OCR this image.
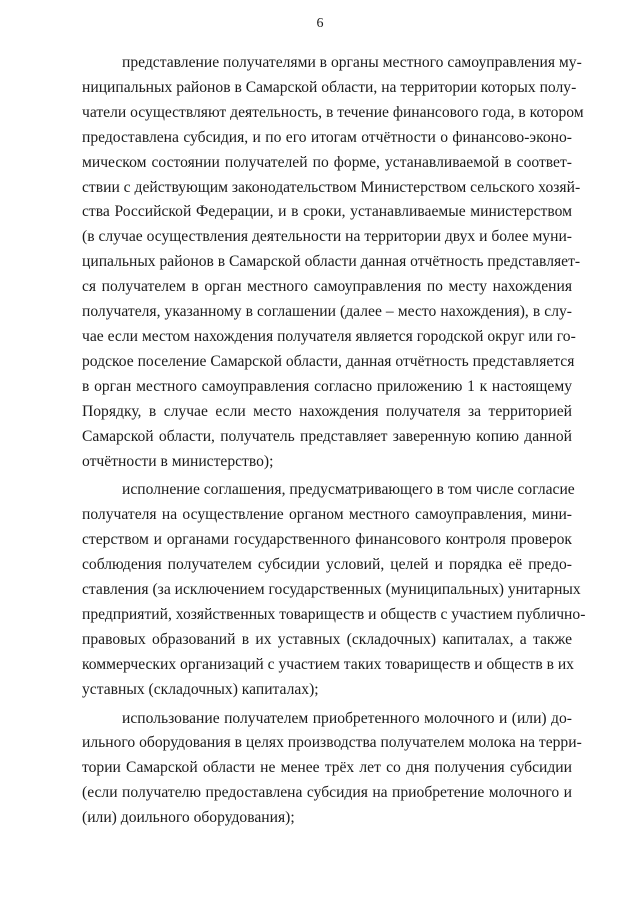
6
представление получателями в органы местного самоуправления му-
ниципальных районов в Самарской области, на территории которых полу-
чатели осуществляют деятельность, в течение финансового года, в котором
предоставлена субсидия, и по его итогам отчётности о финансово-эконо-
мическом состоянии получателей по форме, устанавливаемой в соответ-
ствии с действующим законодательством Министерством сельского хозяй-
ства Российской Федерации, и в сроки, устанавливаемые министерством
(в случае осуществления деятельности на территории двух и более муни-
ципальных районов в Самарской области данная отчётность представляет-
ся получателем в орган местного самоуправления по месту нахождения
получателя, указанному в соглашении (далее – место нахождения), в слу-
чае если местом нахождения получателя является городской округ или го-
родское поселение Самарской области, данная отчётность представляется
в орган местного самоуправления согласно приложению 1 к настоящему
Порядку, в случае если место нахождения получателя за территорией
Самарской области, получатель представляет заверенную копию данной
отчётности в министерство);
исполнение соглашения, предусматривающего в том числе согласие
получателя на осуществление органом местного самоуправления, мини-
стерством и органами государственного финансового контроля проверок
соблюдения получателем субсидии условий, целей и порядка её предо-
ставления (за исключением государственных (муниципальных) унитарных
предприятий, хозяйственных товариществ и обществ с участием публично-
правовых образований в их уставных (складочных) капиталах, а также
коммерческих организаций с участием таких товариществ и обществ в их
уставных (складочных) капиталах);
использование получателем приобретенного молочного и (или) до-
ильного оборудования в целях производства получателем молока на терри-
тории Самарской области не менее трёх лет со дня получения субсидии
(если получателю предоставлена субсидия на приобретение молочного и
(или) доильного оборудования);
